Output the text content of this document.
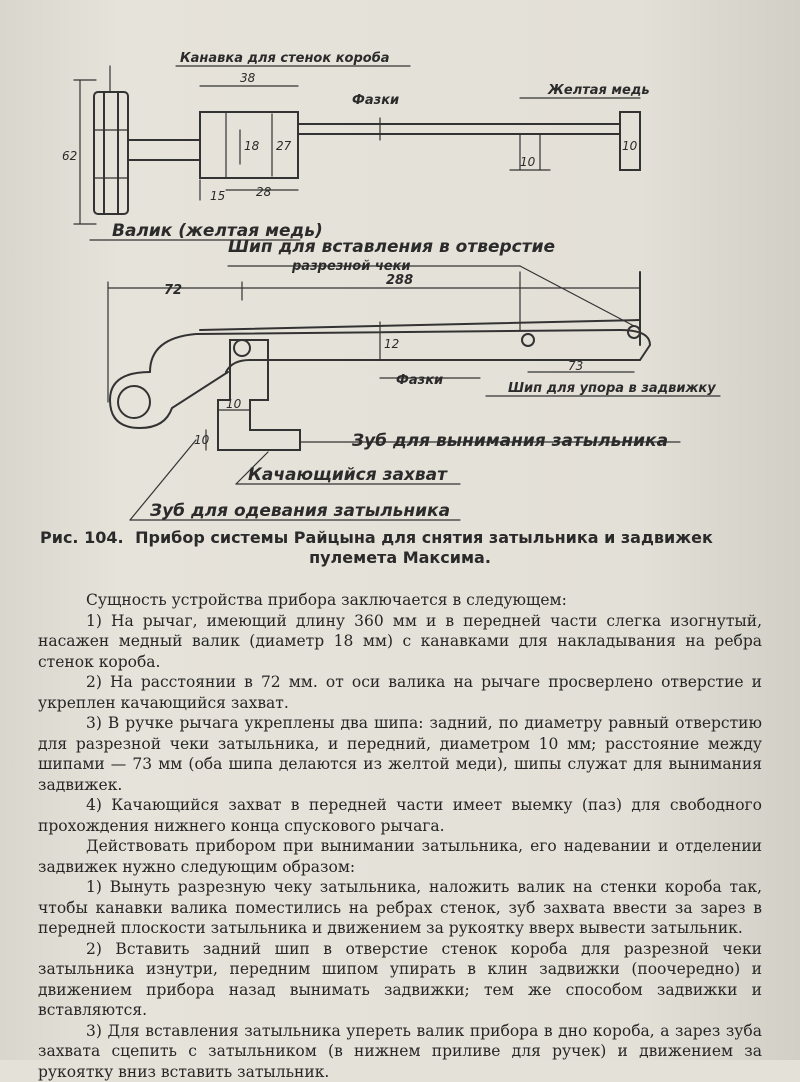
Канавка для стенок короба
Фазки
Желтая медь
Валик (желтая медь)
Шип для вставления в отверстие
разрезной чеки
Фазки
Шип для упора в задвижку
Зуб для вынимания затыльника
Качающийся захват
Зуб для одевания затыльника
38
62
18 27
15	28
10
10
72
288
12
73
10
10
Рис. 104. Прибор системы Райцына для снятия затыльника и задвижек
пулемета Максима.

Сущность устройства прибора заключается в следующем:

1) На рычаг, имеющий длину 360 мм и в передней части слегка изогнутый, насажен медный валик (диаметр 18 мм) с канавками для накладывания на ребра стенок короба.

2) На расстоянии в 72 мм. от оси валика на рычаге просверлено отверстие и укреплен качающийся захват.

3) В ручке рычага укреплены два шипа: задний, по диаметру равный отверстию для разрезной чеки затыльника, и передний, диаметром 10 мм; расстояние между шипами — 73 мм (оба шипа делаются из желтой меди), шипы служат для вынимания задвижек.

4) Качающийся захват в передней части имеет выемку (паз) для свободного прохождения нижнего конца спускового рычага.

Действовать прибором при вынимании затыльника, его надевании и отделении задвижек нужно следующим образом:

1) Вынуть разрезную чеку затыльника, наложить валик на стенки короба так, чтобы канавки валика поместились на ребрах стенок, зуб захвата ввести за зарез в передней плоскости затыльника и движением за рукоятку вверх вывести затыльник.

2) Вставить задний шип в отверстие стенок короба для разрезной чеки затыльника изнутри, передним шипом упирать в клин задвижки (поочередно) и движением прибора назад вынимать задвижки; тем же способом задвижки и вставляются.

3) Для вставления затыльника упереть валик прибора в дно короба, а зарез зуба захвата сцепить с затыльником (в нижнем приливе для ручек) и движением за рукоятку вниз вставить затыльник.
